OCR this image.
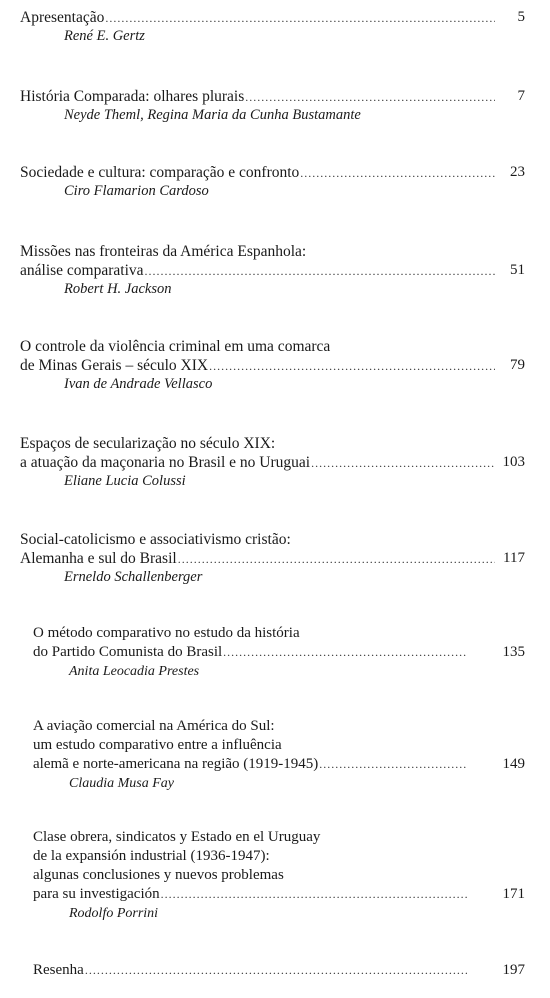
Apresentação .....	5
René E. Gertz
História Comparada: olhares plurais .....	7
Neyde Theml, Regina Maria da Cunha Bustamante
Sociedade e cultura: comparação e confronto .....	23
Ciro Flamarion Cardoso
Missões nas fronteiras da América Espanhola:
análise comparativa .....	51
Robert H. Jackson
O controle da violência criminal em uma comarca
de Minas Gerais – século XIX .....	79
Ivan de Andrade Vellasco
Espaços de secularização no século XIX:
a atuação da maçonaria no Brasil e no Uruguai .....	103
Eliane Lucia Colussi
Social-catolicismo e associativismo cristão:
Alemanha e sul do Brasil .....	117
Erneldo Schallenberger
O método comparativo no estudo da história
do Partido Comunista do Brasil .....	135
Anita Leocadia Prestes
A aviação comercial na América do Sul:
um estudo comparativo entre a influência
alemã e norte-americana na região (1919-1945) .....	149
Claudia Musa Fay
Clase obrera, sindicatos y Estado en el Uruguay
de la expansión industrial (1936-1947):
algunas conclusiones y nuevos problemas
para su investigación .....	171
Rodolfo Porrini
Resenha .....	197
